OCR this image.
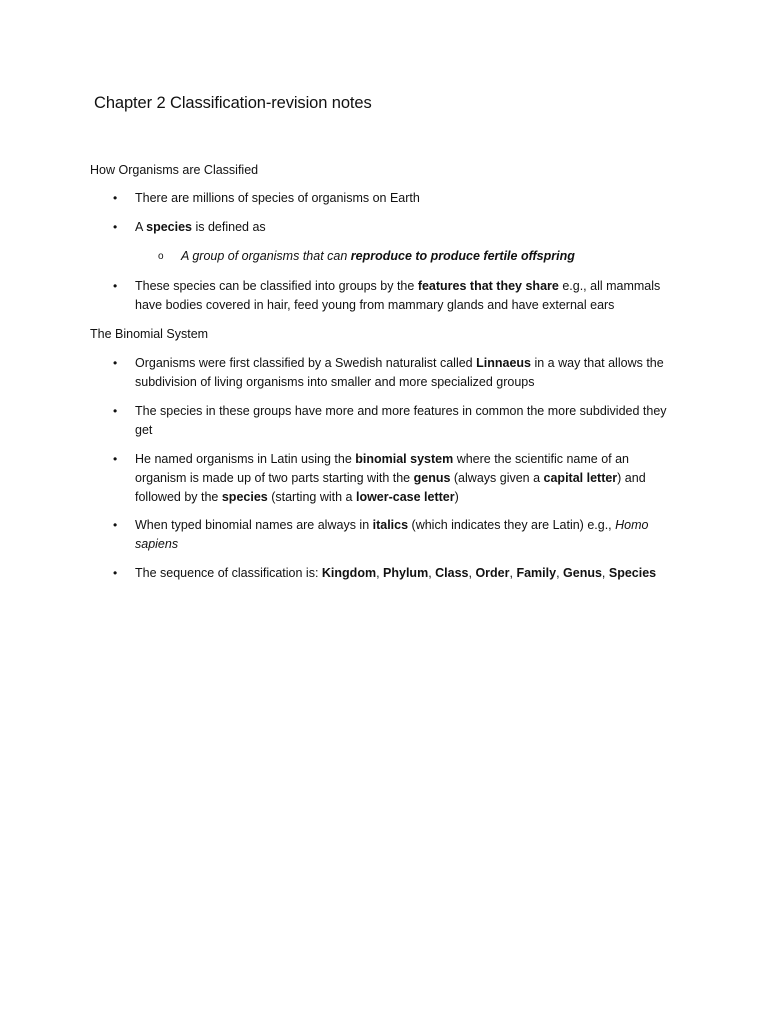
Chapter 2 Classification-revision notes
How Organisms are Classified
• There are millions of species of organisms on Earth
• A species is defined as
o A group of organisms that can reproduce to produce fertile offspring
• These species can be classified into groups by the features that they share e.g., all mammals have bodies covered in hair, feed young from mammary glands and have external ears
The Binomial System
• Organisms were first classified by a Swedish naturalist called Linnaeus in a way that allows the subdivision of living organisms into smaller and more specialized groups
• The species in these groups have more and more features in common the more subdivided they get
• He named organisms in Latin using the binomial system where the scientific name of an organism is made up of two parts starting with the genus (always given a capital letter) and followed by the species (starting with a lower-case letter)
• When typed binomial names are always in italics (which indicates they are Latin) e.g., Homo sapiens
• The sequence of classification is: Kingdom, Phylum, Class, Order, Family, Genus, Species
